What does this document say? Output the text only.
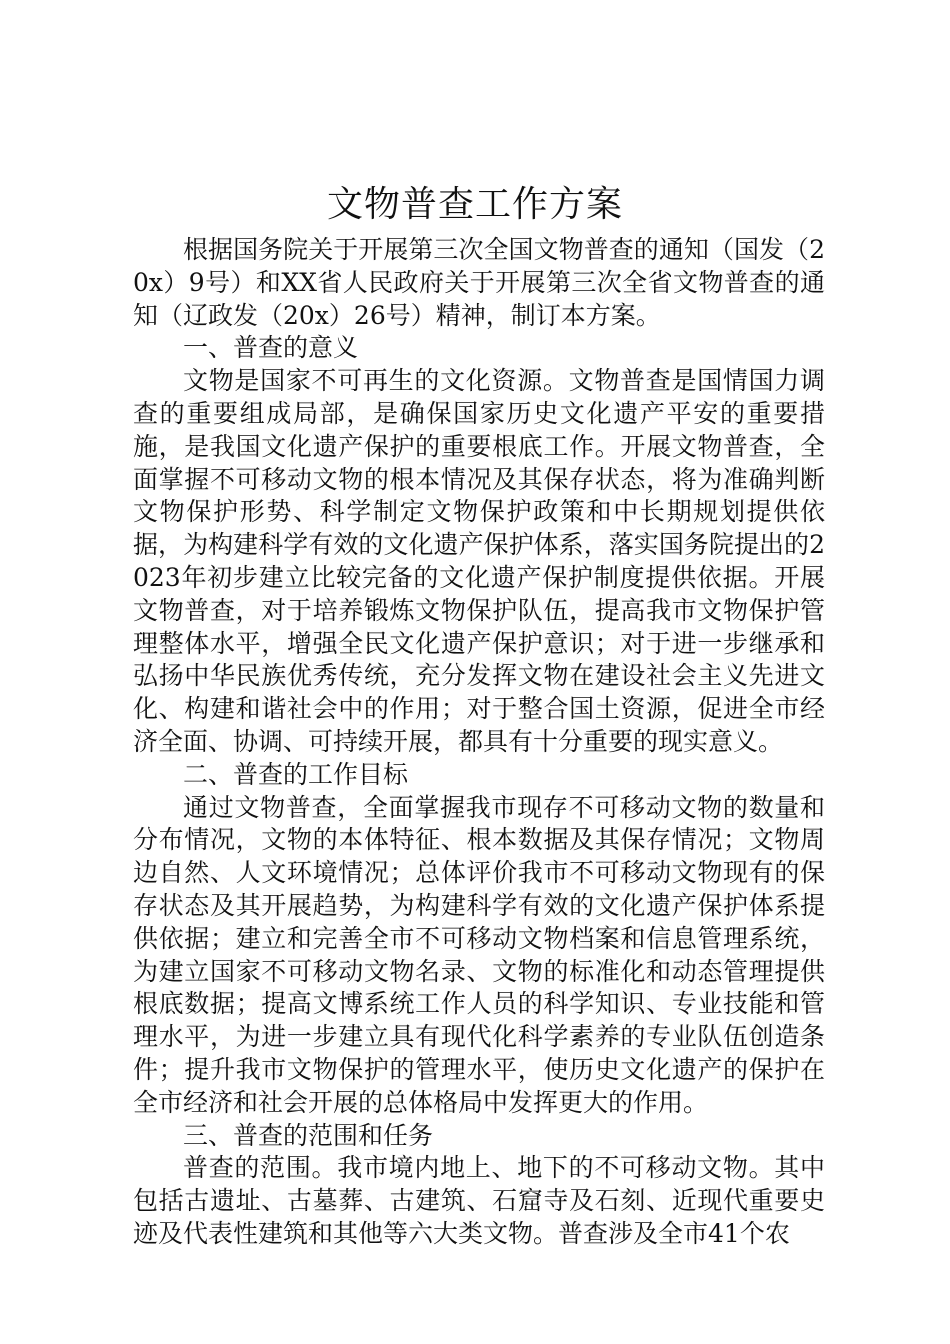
文物普查工作方案

根据国务院关于开展第三次全国文物普查的通知（国发（20x）9号）和XX省人民政府关于开展第三次全省文物普查的通知（辽政发（20x）26号）精神，制订本方案。

一、普查的意义

文物是国家不可再生的文化资源。文物普查是国情国力调查的重要组成局部，是确保国家历史文化遗产平安的重要措施，是我国文化遗产保护的重要根底工作。开展文物普查，全面掌握不可移动文物的根本情况及其保存状态，将为准确判断文物保护形势、科学制定文物保护政策和中长期规划提供依据，为构建科学有效的文化遗产保护体系，落实国务院提出的2023年初步建立比较完备的文化遗产保护制度提供依据。开展文物普查，对于培养锻炼文物保护队伍，提高我市文物保护管理整体水平，增强全民文化遗产保护意识；对于进一步继承和弘扬中华民族优秀传统，充分发挥文物在建设社会主义先进文化、构建和谐社会中的作用；对于整合国土资源，促进全市经济全面、协调、可持续开展，都具有十分重要的现实意义。

二、普查的工作目标

通过文物普查，全面掌握我市现存不可移动文物的数量和分布情况，文物的本体特征、根本数据及其保存情况；文物周边自然、人文环境情况；总体评价我市不可移动文物现有的保存状态及其开展趋势，为构建科学有效的文化遗产保护体系提供依据；建立和完善全市不可移动文物档案和信息管理系统，为建立国家不可移动文物名录、文物的标准化和动态管理提供根底数据；提高文博系统工作人员的科学知识、专业技能和管理水平，为进一步建立具有现代化科学素养的专业队伍创造条件；提升我市文物保护的管理水平，使历史文化遗产的保护在全市经济和社会开展的总体格局中发挥更大的作用。

三、普查的范围和任务

普查的范围。我市境内地上、地下的不可移动文物。其中包括古遗址、古墓葬、古建筑、石窟寺及石刻、近现代重要史迹及代表性建筑和其他等六大类文物。普查涉及全市41个农
